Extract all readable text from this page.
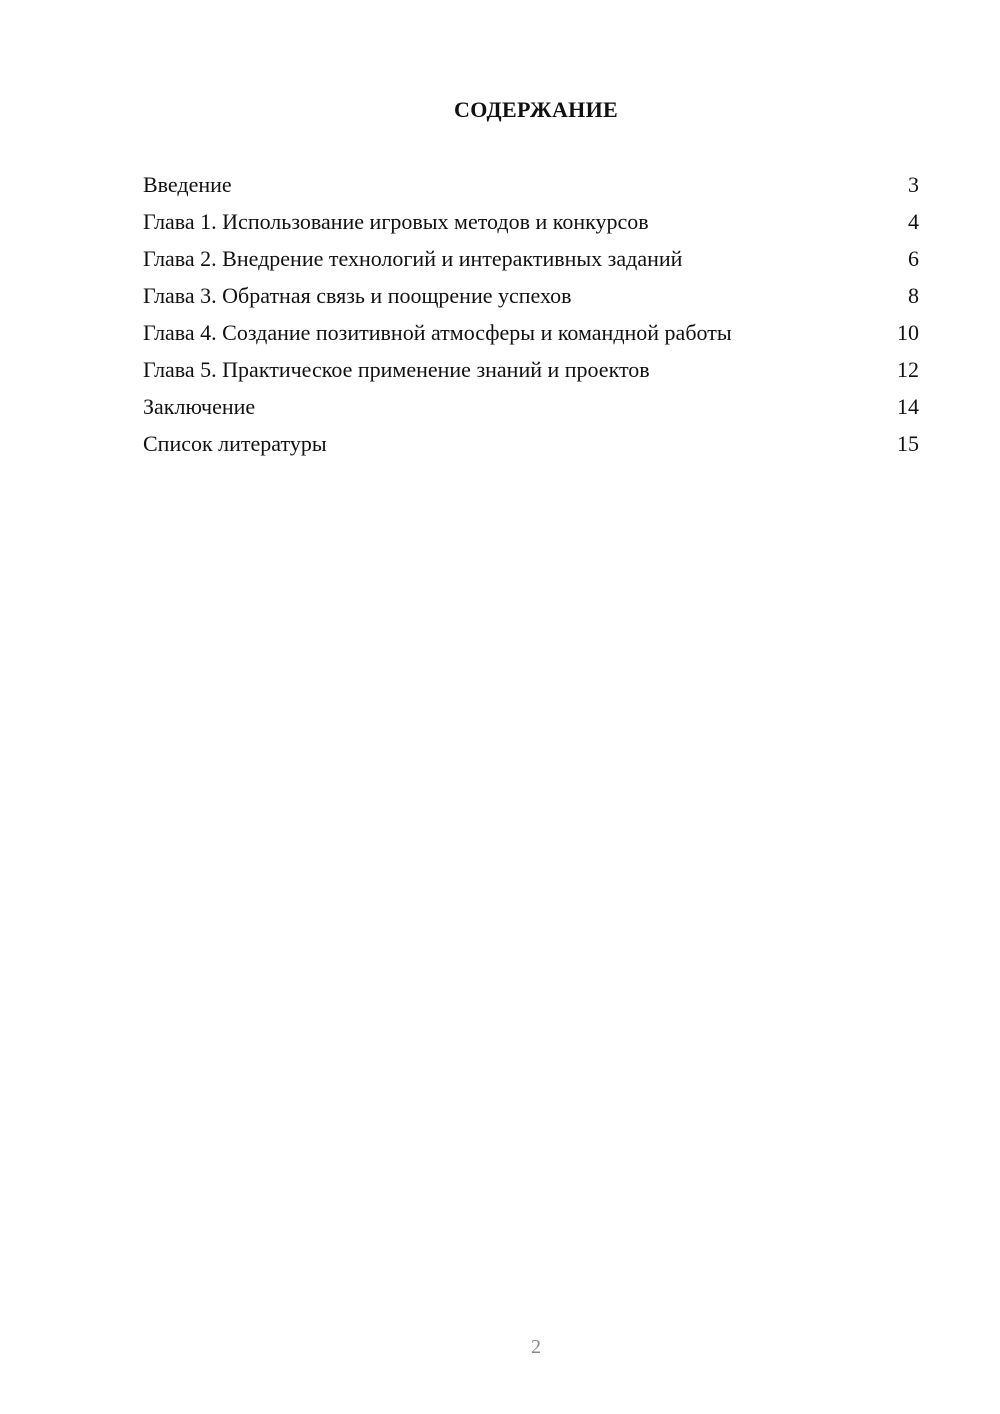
СОДЕРЖАНИЕ
Введение	3
Глава 1. Использование игровых методов и конкурсов	4
Глава 2. Внедрение технологий и интерактивных заданий	6
Глава 3. Обратная связь и поощрение успехов	8
Глава 4. Создание позитивной атмосферы и командной работы	10
Глава 5. Практическое применение знаний и проектов	12
Заключение	14
Список литературы	15
2
